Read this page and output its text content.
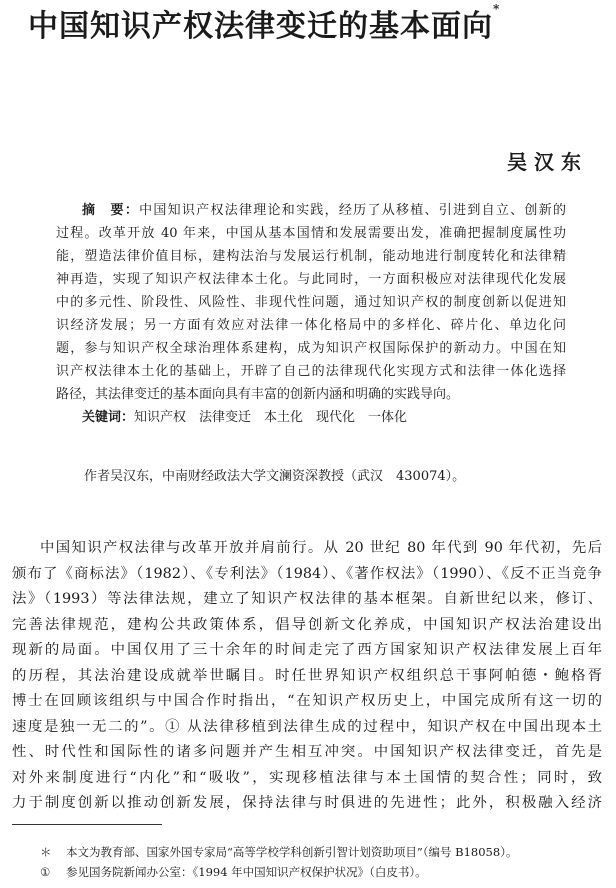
中国知识产权法律变迁的基本面向*
吴汉东
摘　要：中国知识产权法律理论和实践，经历了从移植、引进到自立、创新的
过程。改革开放 40 年来，中国从基本国情和发展需要出发，准确把握制度属性功
能，塑造法律价值目标，建构法治与发展运行机制，能动地进行制度转化和法律精
神再造，实现了知识产权法律本土化。与此同时，一方面积极应对法律现代化发展
中的多元性、阶段性、风险性、非现代性问题，通过知识产权的制度创新以促进知
识经济发展；另一方面有效应对法律一体化格局中的多样化、碎片化、单边化问
题，参与知识产权全球治理体系建构，成为知识产权国际保护的新动力。中国在知
识产权法律本土化的基础上，开辟了自己的法律现代化实现方式和法律一体化选择
路径，其法律变迁的基本面向具有丰富的创新内涵和明确的实践导向。
关键词：知识产权　法律变迁　本土化　现代化　一体化
作者吴汉东，中南财经政法大学文澜资深教授（武汉　430074）。
中国知识产权法律与改革开放并肩前行。从 20 世纪 80 年代到 90 年代初，先后
颁布了《商标法》（1982）、《专利法》（1984）、《著作权法》（1990）、《反不正当竞争
法》（1993）等法律法规，建立了知识产权法律的基本框架。自新世纪以来，修订、
完善法律规范，建构公共政策体系，倡导创新文化养成，中国知识产权法治建设出
现新的局面。中国仅用了三十余年的时间走完了西方国家知识产权法律发展上百年
的历程，其法治建设成就举世瞩目。时任世界知识产权组织总干事阿帕德・鲍格胥
博士在回顾该组织与中国合作时指出，“在知识产权历史上，中国完成所有这一切的
速度是独一无二的”。① 从法律移植到法律生成的过程中，知识产权在中国出现本土
性、时代性和国际性的诸多问题并产生相互冲突。中国知识产权法律变迁，首先是
对外来制度进行“内化”和“吸收”，实现移植法律与本土国情的契合性；同时，致
力于制度创新以推动创新发展，保持法律与时俱进的先进性；此外，积极融入经济
＊ 本文为教育部、国家外国专家局“高等学校学科创新引智计划资助项目”（编号 B18058）。
① 参见国务院新闻办公室：《1994 年中国知识产权保护状况》（白皮书）。
